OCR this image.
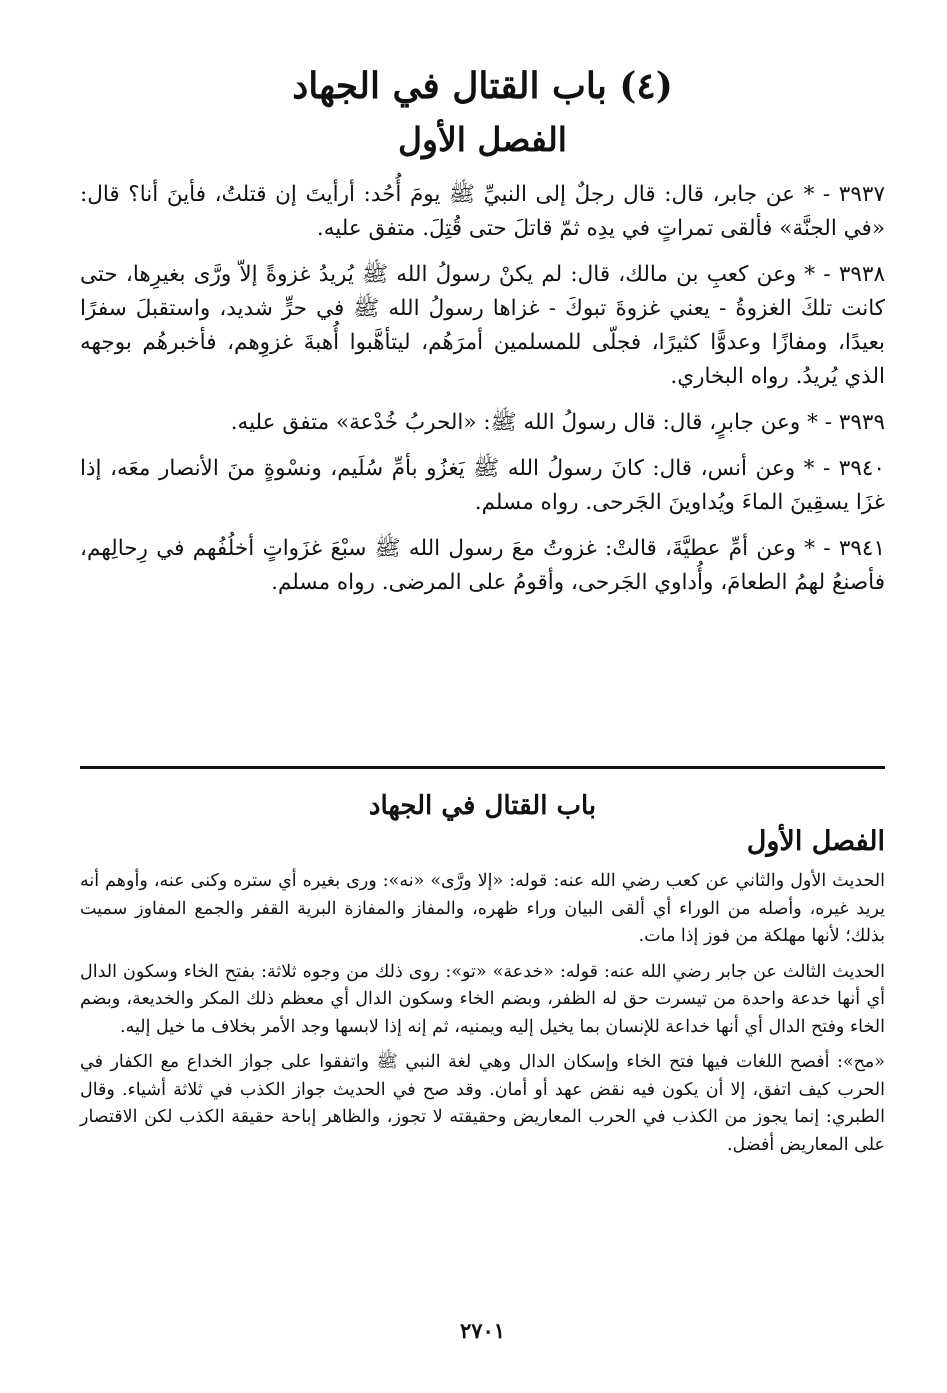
(٤) باب القتال في الجهاد
الفصل الأول

٣٩٣٧ - * عن جابر، قال: قال رجلٌ إلى النبيِّ ﷺ يومَ أُحُد: أرأيتَ إن قتلتُ، فأينَ أنا؟ قال: «في الجنَّة» فألقى تمراتٍ في يدِه ثمّ قاتلَ حتى قُتِلَ. متفق عليه.

٣٩٣٨ - * وعن كعبِ بن مالك، قال: لم يكنْ رسولُ الله ﷺ يُريدُ غزوةً إلاّ ورَّى بغيرِها، حتى كانت تلكَ الغزوةُ - يعني غزوةَ تبوكَ - غزاها رسولُ الله ﷺ في حرٍّ شديد، واستقبلَ سفرًا بعيدًا، ومفازًا وعدوًّا كثيرًا، فجلّى للمسلمين أمرَهُم، ليتأهَّبوا أُهبةَ غزوِهم، فأخبرهُم بوجهه الذي يُريدُ. رواه البخاري.

٣٩٣٩ - * وعن جابرٍ، قال: قال رسولُ الله ﷺ: «الحربُ خُدْعة» متفق عليه.

٣٩٤٠ - * وعن أنس، قال: كانَ رسولُ الله ﷺ يَغزُو بأمِّ سُلَيم، ونسْوةٍ منَ الأنصار معَه، إذا غزَا يسقِينَ الماءَ ويُداوينَ الجَرحى. رواه مسلم.

٣٩٤١ - * وعن أمِّ عطيَّةَ، قالتْ: غزوتُ معَ رسول الله ﷺ سبْعَ غزَواتٍ أخلُفُهم في رِحالِهم، فأصنعُ لهمُ الطعامَ، وأُداوي الجَرحى، وأقومُ على المرضى. رواه مسلم.

باب القتال في الجهاد
الفصل الأول

الحديث الأول والثاني عن كعب رضي الله عنه: قوله: «إلا ورَّى» «نه»: ورى بغيره أي ستره وكنى عنه، وأوهم أنه يريد غيره، وأصله من الوراء أي ألقى البيان وراء ظهره، والمفاز والمفازة البرية القفر والجمع المفاوز سميت بذلك؛ لأنها مهلكة من فوز إذا مات.

الحديث الثالث عن جابر رضي الله عنه: قوله: «خدعة» «تو»: روى ذلك من وجوه ثلاثة: بفتح الخاء وسكون الدال أي أنها خدعة واحدة من تيسرت حق له الظفر، وبضم الخاء وسكون الدال أي معظم ذلك المكر والخديعة، وبضم الخاء وفتح الدال أي أنها خداعة للإنسان بما يخيل إليه ويمنيه، ثم إنه إذا لابسها وجد الأمر بخلاف ما خيل إليه.

«مح»: أفصح اللغات فيها فتح الخاء وإسكان الدال وهي لغة النبي ﷺ واتفقوا على جواز الخداع مع الكفار في الحرب كيف اتفق، إلا أن يكون فيه نقض عهد أو أمان. وقد صح في الحديث جواز الكذب في ثلاثة أشياء. وقال الطبري: إنما يجوز من الكذب في الحرب المعاريض وحقيقته لا تجوز، والظاهر إباحة حقيقة الكذب لكن الاقتصار على المعاريض أفضل.

٢٧٠١
